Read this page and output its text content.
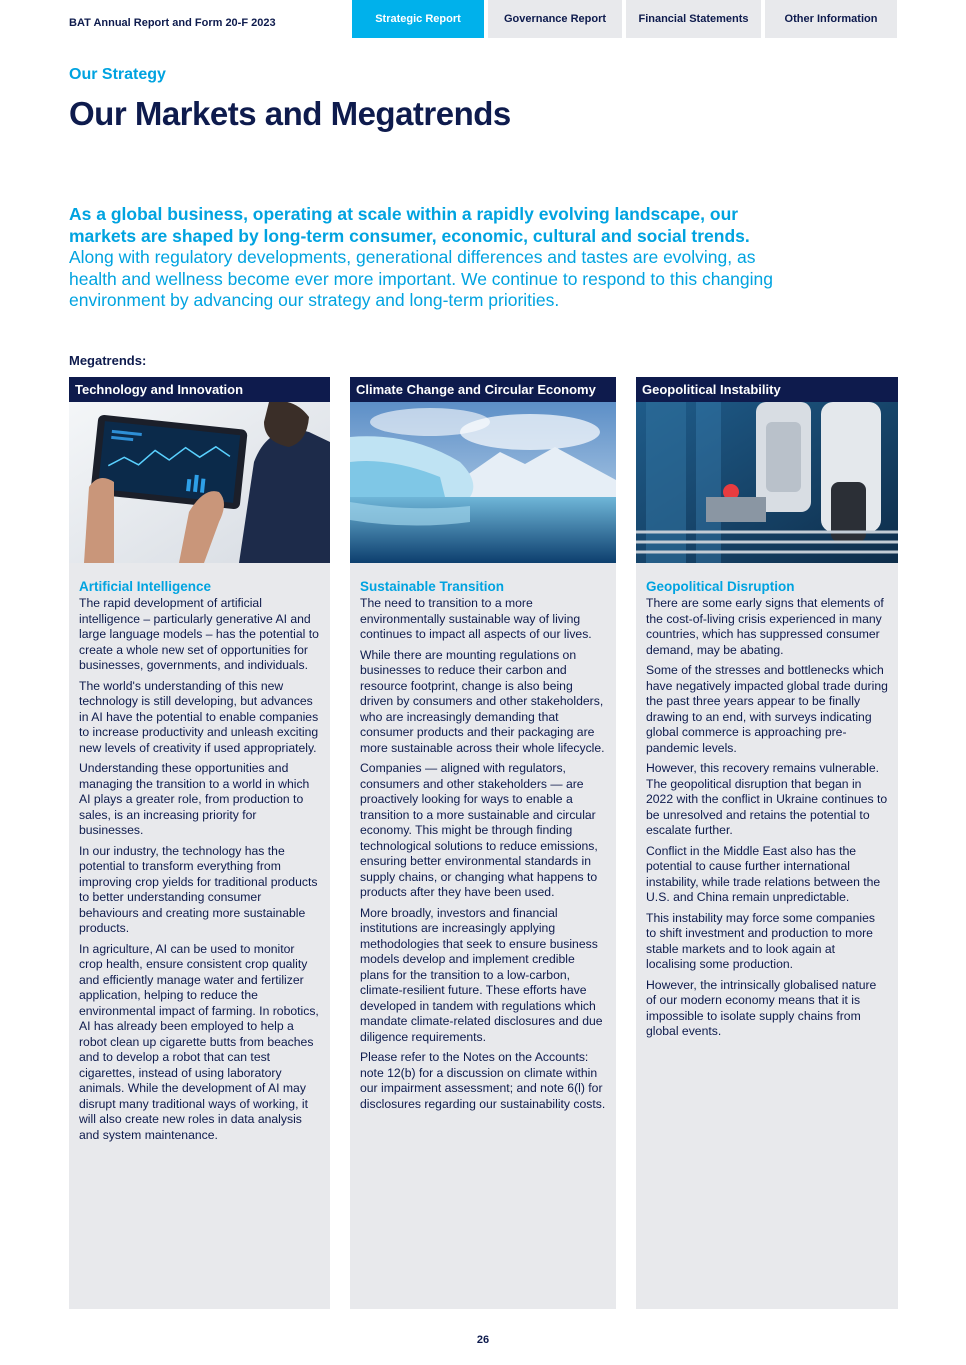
BAT Annual Report and Form 20-F 2023	Strategic Report	Governance Report	Financial Statements	Other Information
Our Strategy
Our Markets and Megatrends

As a global business, operating at scale within a rapidly evolving landscape, our markets are shaped by long-term consumer, economic, cultural and social trends. Along with regulatory developments, generational differences and tastes are evolving, as health and wellness become ever more important. We continue to respond to this changing environment by advancing our strategy and long-term priorities.

Megatrends:
Technology and Innovation
Artificial Intelligence

The rapid development of artificial intelligence – particularly generative AI and large language models – has the potential to create a whole new set of opportunities for businesses, governments, and individuals.

The world's understanding of this new technology is still developing, but advances in AI have the potential to enable companies to increase productivity and unleash exciting new levels of creativity if used appropriately.

Understanding these opportunities and managing the transition to a world in which AI plays a greater role, from production to sales, is an increasing priority for businesses.

In our industry, the technology has the potential to transform everything from improving crop yields for traditional products to better understanding consumer behaviours and creating more sustainable products.

In agriculture, AI can be used to monitor crop health, ensure consistent crop quality and efficiently manage water and fertilizer application, helping to reduce the environmental impact of farming. In robotics, AI has already been employed to help a robot clean up cigarette butts from beaches and to develop a robot that can test cigarettes, instead of using laboratory animals. While the development of AI may disrupt many traditional ways of working, it will also create new roles in data analysis and system maintenance.

Climate Change and Circular Economy
Sustainable Transition

The need to transition to a more environmentally sustainable way of living continues to impact all aspects of our lives.

While there are mounting regulations on businesses to reduce their carbon and resource footprint, change is also being driven by consumers and other stakeholders, who are increasingly demanding that consumer products and their packaging are more sustainable across their whole lifecycle.

Companies — aligned with regulators, consumers and other stakeholders — are proactively looking for ways to enable a transition to a more sustainable and circular economy. This might be through finding technological solutions to reduce emissions, ensuring better environmental standards in supply chains, or changing what happens to products after they have been used.

More broadly, investors and financial institutions are increasingly applying methodologies that seek to ensure business models develop and implement credible plans for the transition to a low-carbon, climate-resilient future. These efforts have developed in tandem with regulations which mandate climate-related disclosures and due diligence requirements.

Please refer to the Notes on the Accounts: note 12(b) for a discussion on climate within our impairment assessment; and note 6(l) for disclosures regarding our sustainability costs.

Geopolitical Instability
Geopolitical Disruption

There are some early signs that elements of the cost-of-living crisis experienced in many countries, which has suppressed consumer demand, may be abating.

Some of the stresses and bottlenecks which have negatively impacted global trade during the past three years appear to be finally drawing to an end, with surveys indicating global commerce is approaching pre-pandemic levels.

However, this recovery remains vulnerable. The geopolitical disruption that began in 2022 with the conflict in Ukraine continues to be unresolved and retains the potential to escalate further.

Conflict in the Middle East also has the potential to cause further international instability, while trade relations between the U.S. and China remain unpredictable.

This instability may force some companies to shift investment and production to more stable markets and to look again at localising some production.

However, the intrinsically globalised nature of our modern economy means that it is impossible to isolate supply chains from global events.

26
